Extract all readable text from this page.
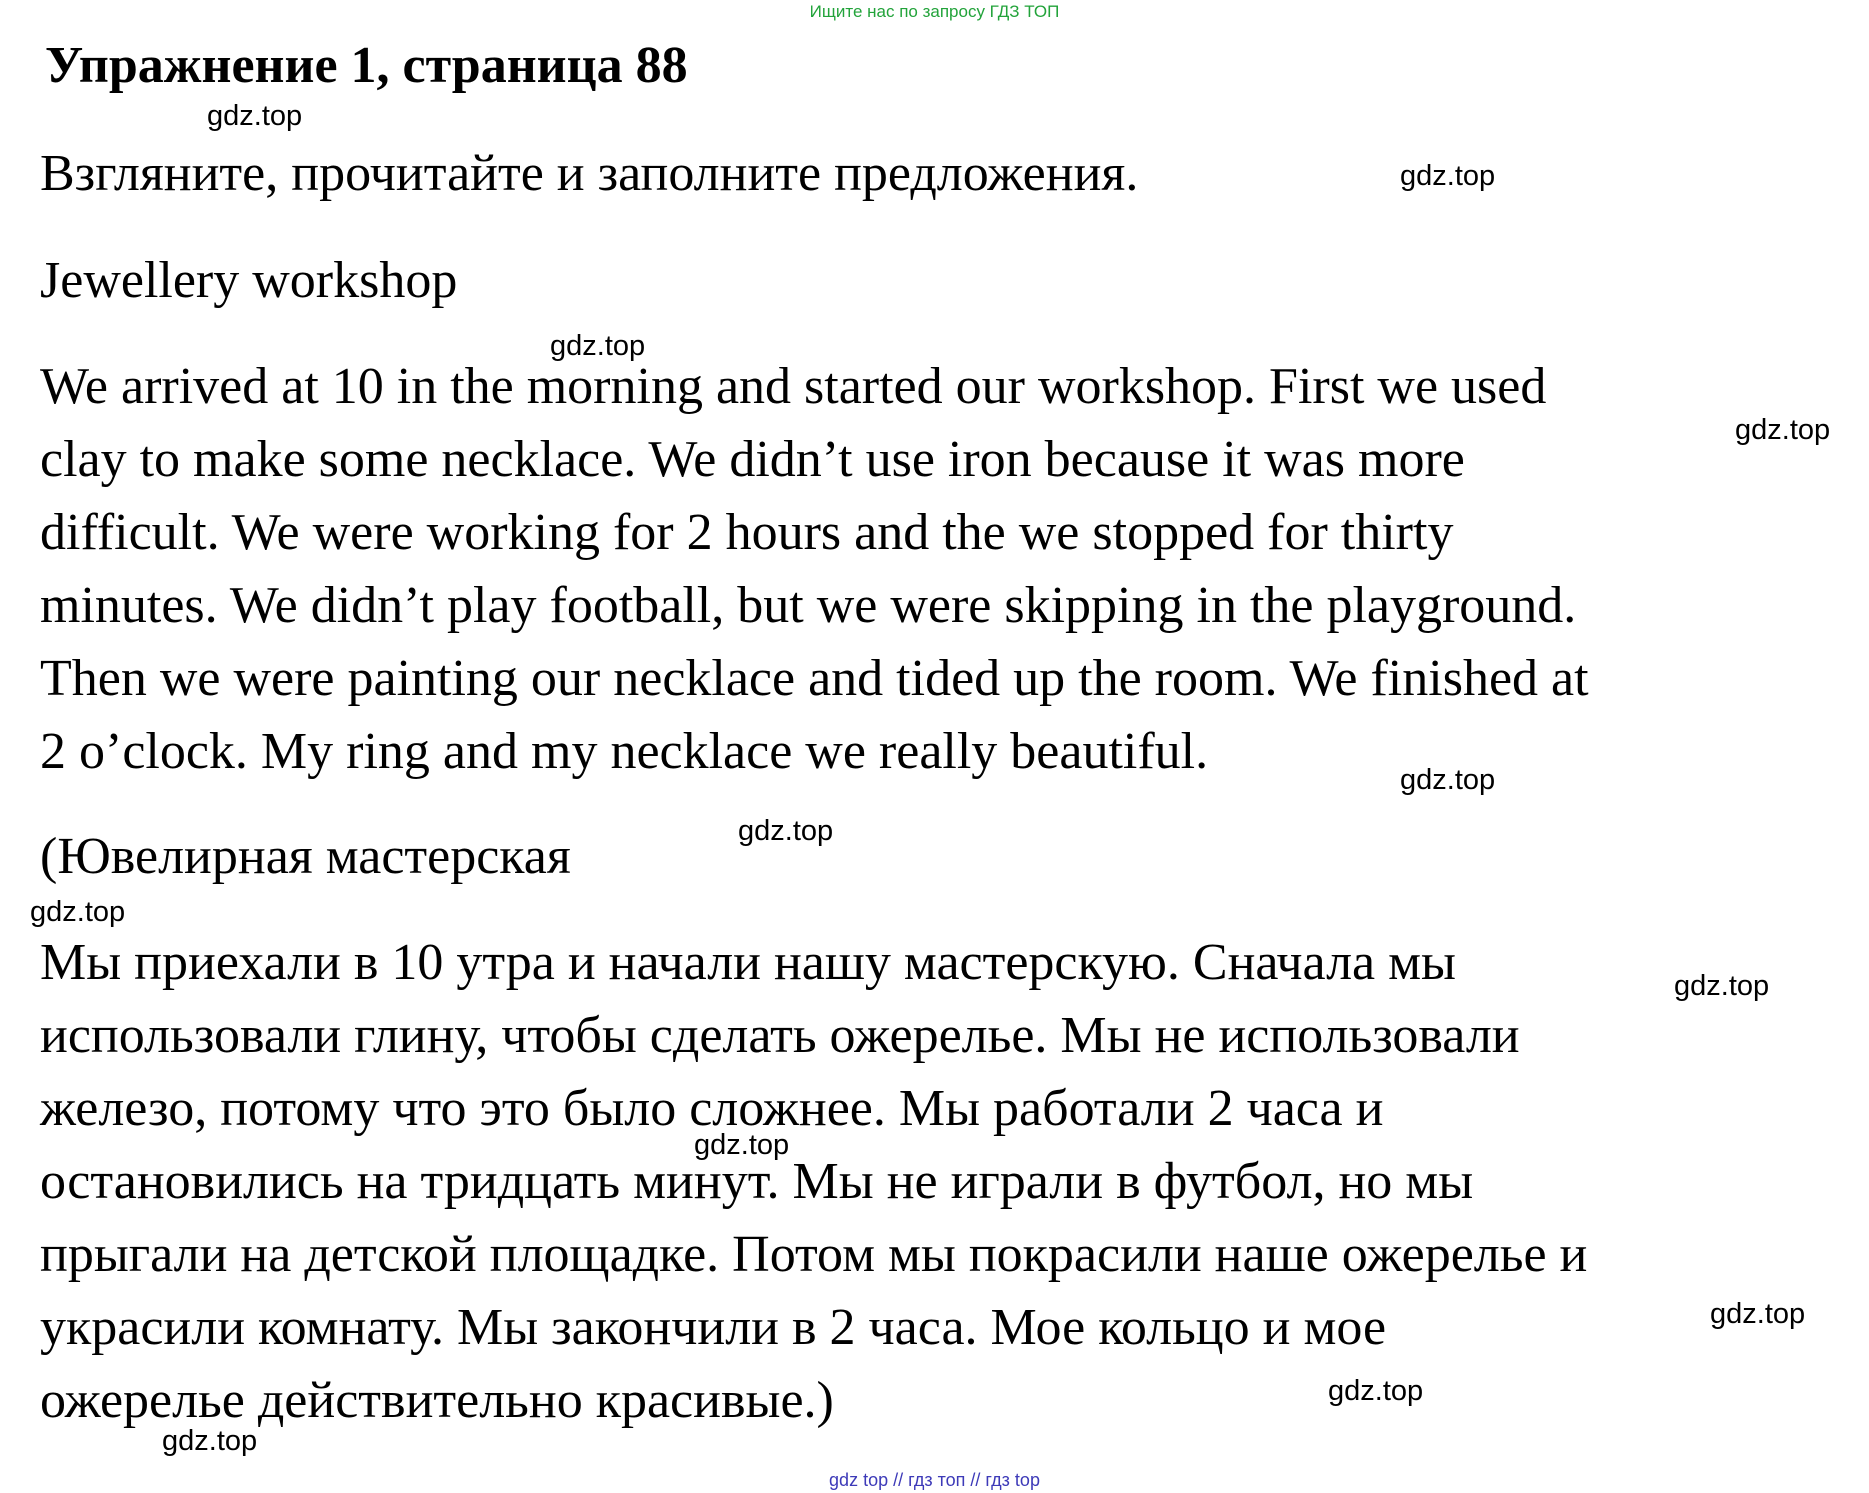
Ищите нас по запросу ГДЗ ТОП
Упражнение 1, страница 88
Взгляните, прочитайте и заполните предложения.
Jewellery workshop
We arrived at 10 in the morning and started our workshop. First we used
clay to make some necklace. We didn’t use iron because it was more
difficult. We were working for 2 hours and the we stopped for thirty
minutes. We didn’t play football, but we were skipping in the playground.
Then we were painting our necklace and tided up the room. We finished at
2 o’clock. My ring and my necklace we really beautiful.
(Ювелирная мастерская
Мы приехали в 10 утра и начали нашу мастерскую. Сначала мы
использовали глину, чтобы сделать ожерелье. Мы не использовали
железо, потому что это было сложнее. Мы работали 2 часа и
остановились на тридцать минут. Мы не играли в футбол, но мы
прыгали на детской площадке. Потом мы покрасили наше ожерелье и
украсили комнату. Мы закончили в 2 часа. Мое кольцо и мое
ожерелье действительно красивые.)
gdz.top
gdz.top
gdz.top
gdz.top
gdz.top
gdz.top
gdz.top
gdz.top
gdz.top
gdz.top
gdz.top
gdz.top
gdz top // гдз топ // гдз top
